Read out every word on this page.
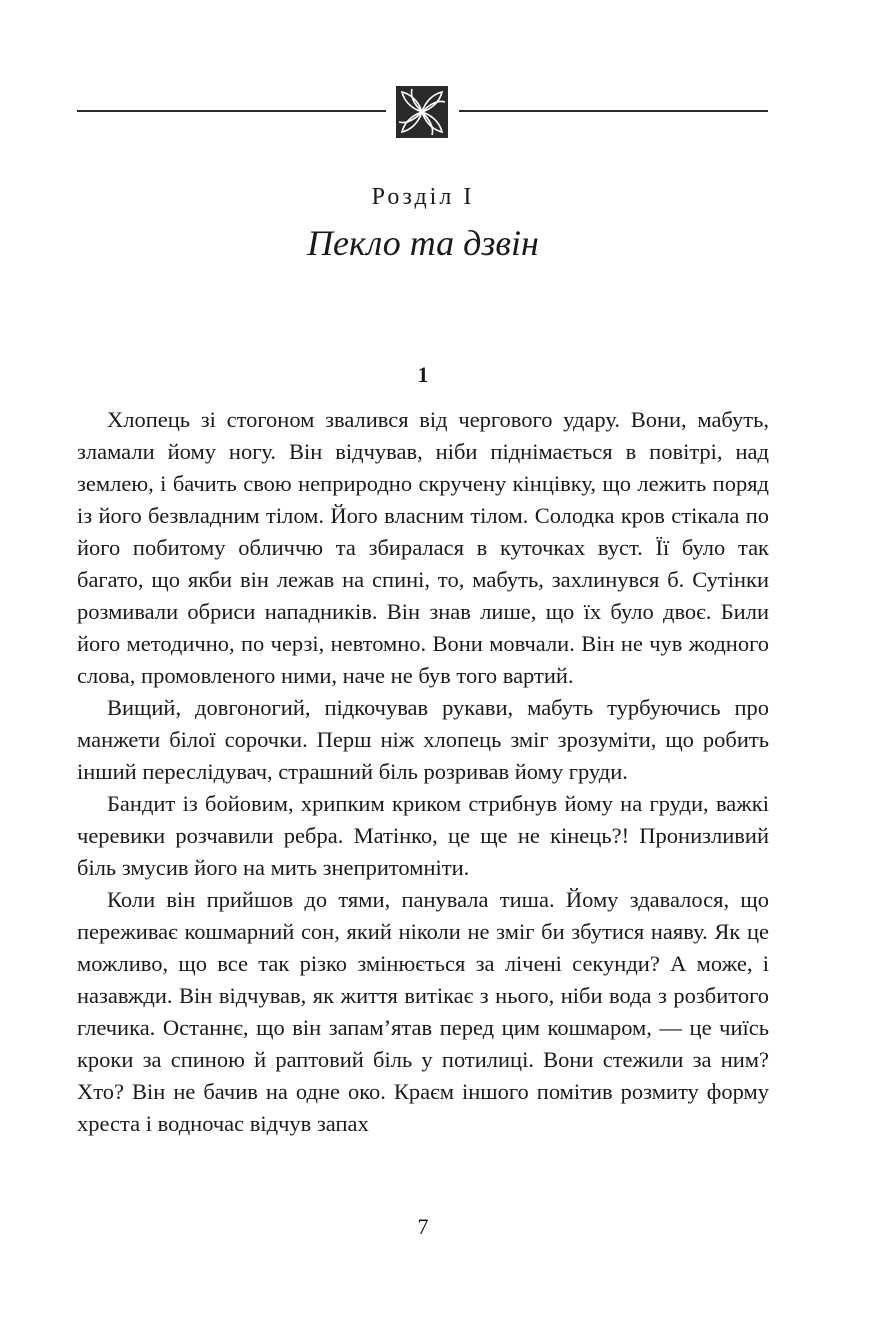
Розділ I
Пекло та дзвін
1

Хлопець зі стогоном звалився від чергового удару. Вони, мабуть, зламали йому ногу. Він відчував, ніби піднімається в повітрі, над землею, і бачить свою неприродно скручену кінцівку, що лежить поряд із його безвладним тілом. Його власним тілом. Солодка кров стікала по його побитому обличчю та збиралася в куточках вуст. Її було так багато, що якби він лежав на спині, то, мабуть, захлинувся б. Сутінки розмивали обриси нападників. Він знав лише, що їх було двоє. Били його методично, по черзі, невтомно. Вони мовчали. Він не чув жодного слова, промовленого ними, наче не був того вартий.

Вищий, довгоногий, підкочував рукави, мабуть турбуючись про манжети білої сорочки. Перш ніж хлопець зміг зрозуміти, що робить інший переслідувач, страшний біль розривав йому груди.

Бандит із бойовим, хрипким криком стрибнув йому на груди, важкі черевики розчавили ребра. Матінко, це ще не кінець?! Пронизливий біль змусив його на мить знепритомніти.

Коли він прийшов до тями, панувала тиша. Йому здавалося, що переживає кошмарний сон, який ніколи не зміг би збутися наяву. Як це можливо, що все так різко змінюється за лічені секунди? А може, і назавжди. Він відчував, як життя витікає з нього, ніби вода з розбитого глечика. Останнє, що він запам’ятав перед цим кошмаром, — це чиїсь кроки за спиною й раптовий біль у потилиці. Вони стежили за ним? Хто? Він не бачив на одне око. Краєм іншого помітив розмиту форму хреста і водночас відчув запах

7
